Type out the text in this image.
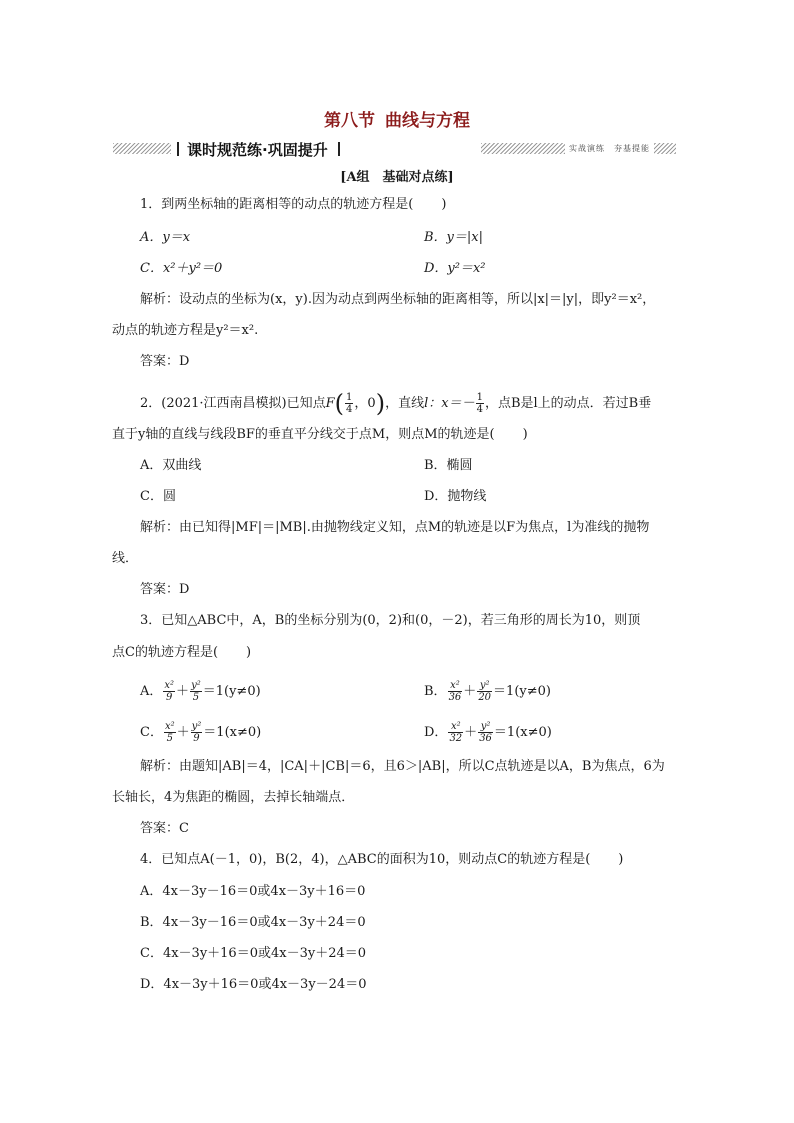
第八节 曲线与方程
课时规范练·巩固提升	实战演练　夯基提能
[A组　基础对点练]
1．到两坐标轴的距离相等的动点的轨迹方程是( )
A．y＝x	B．y＝|x|
C．x²＋y²＝0	D．y²＝x²
解析：设动点的坐标为(x，y).因为动点到两坐标轴的距离相等，所以|x|＝|y|，即y²＝x²，
动点的轨迹方程是y²＝x².
答案：D
2．(2021·江西南昌模拟)已知点$F( \frac{1}{4}$ ，0)，直线l：$x=- \frac{1}{4}$ ，点B是l上的动点．若过B垂
直于y轴的直线与线段BF的垂直平分线交于点M，则点M的轨迹是( )
A．双曲线	B．椭圆
C．圆	D．抛物线
解析：由已知得|MF|＝|MB|.由抛物线定义知，点M的轨迹是以F为焦点，l为准线的抛物
线．
答案：D
3．已知△ABC中，A，B的坐标分别为(0，2)和(0，－2)，若三角形的周长为10，则顶
点C的轨迹方程是( )
A． $\frac{\text{x²}}{9} + \frac{\text{y²}}{5} =1(y\ne 0)$	B． $\frac{\text{x²}}{36} + \frac{\text{y²}}{20} =1(y\ne 0)$
C． $\frac{\text{x²}}{5} + \frac{\text{y²}}{9} =1(x\ne 0)$	D． $\frac{\text{x²}}{32} + \frac{\text{y²}}{36} =1(x\ne 0)$
解析：由题知|AB|＝4，|CA|＋|CB|＝6，且6＞|AB|，所以C点轨迹是以A，B为焦点，6为
长轴长，4为焦距的椭圆，去掉长轴端点．
答案：C
4．已知点A(－1，0)，B(2，4)，△ABC的面积为10，则动点C的轨迹方程是( )
A．4x－3y－16＝0或4x－3y＋16＝0
B．4x－3y－16＝0或4x－3y＋24＝0
C．4x－3y＋16＝0或4x－3y＋24＝0
D．4x－3y＋16＝0或4x－3y－24＝0
